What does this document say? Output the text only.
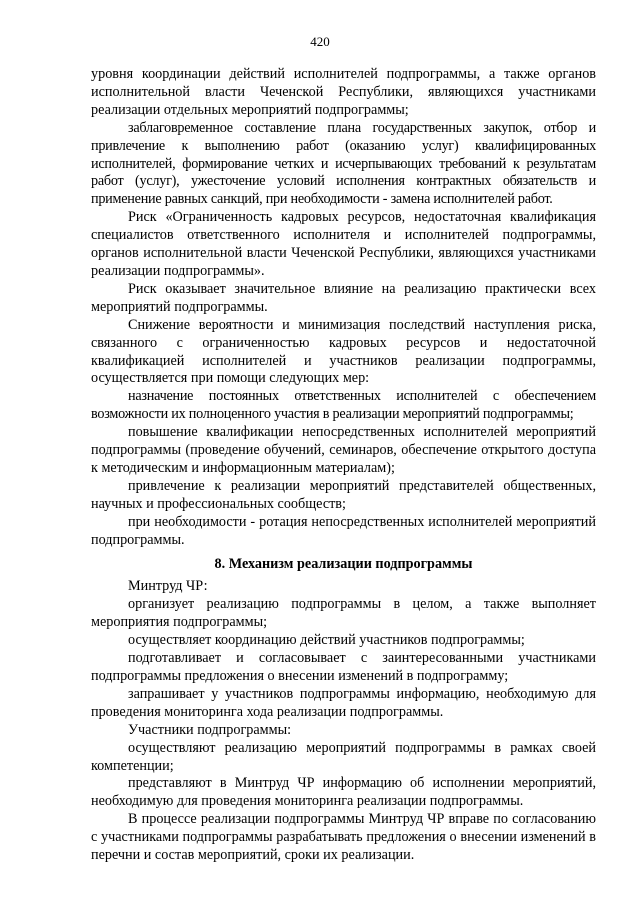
420

уровня координации действий исполнителей подпрограммы, а также органов исполнительной власти Чеченской Республики, являющихся участниками реализации отдельных мероприятий подпрограммы;

заблаговременное составление плана государственных закупок, отбор и привлечение к выполнению работ (оказанию услуг) квалифицированных исполнителей, формирование четких и исчерпывающих требований к результатам работ (услуг), ужесточение условий исполнения контрактных обязательств и применение равных санкций, при необходимости - замена исполнителей работ.

Риск «Ограниченность кадровых ресурсов, недостаточная квалификация специалистов ответственного исполнителя и исполнителей подпрограммы, органов исполнительной власти Чеченской Республики, являющихся участниками реализации подпрограммы».

Риск оказывает значительное влияние на реализацию практически всех мероприятий подпрограммы.

Снижение вероятности и минимизация последствий наступления риска, связанного с ограниченностью кадровых ресурсов и недостаточной квалификацией исполнителей и участников реализации подпрограммы, осуществляется при помощи следующих мер:

назначение постоянных ответственных исполнителей с обеспечением возможности их полноценного участия в реализации мероприятий подпрограммы;

повышение квалификации непосредственных исполнителей мероприятий подпрограммы (проведение обучений, семинаров, обеспечение открытого доступа к методическим и информационным материалам);

привлечение к реализации мероприятий представителей общественных, научных и профессиональных сообществ;

при необходимости - ротация непосредственных исполнителей мероприятий подпрограммы.

8. Механизм реализации подпрограммы

Минтруд ЧР:

организует реализацию подпрограммы в целом, а также выполняет мероприятия подпрограммы;

осуществляет координацию действий участников подпрограммы;

подготавливает и согласовывает с заинтересованными участниками подпрограммы предложения о внесении изменений в подпрограмму;

запрашивает у участников подпрограммы информацию, необходимую для проведения мониторинга хода реализации подпрограммы.

Участники подпрограммы:

осуществляют реализацию мероприятий подпрограммы в рамках своей компетенции;

представляют в Минтруд ЧР информацию об исполнении мероприятий, необходимую для проведения мониторинга реализации подпрограммы.

В процессе реализации подпрограммы Минтруд ЧР вправе по согласованию с участниками подпрограммы разрабатывать предложения о внесении изменений в перечни и состав мероприятий, сроки их реализации.
